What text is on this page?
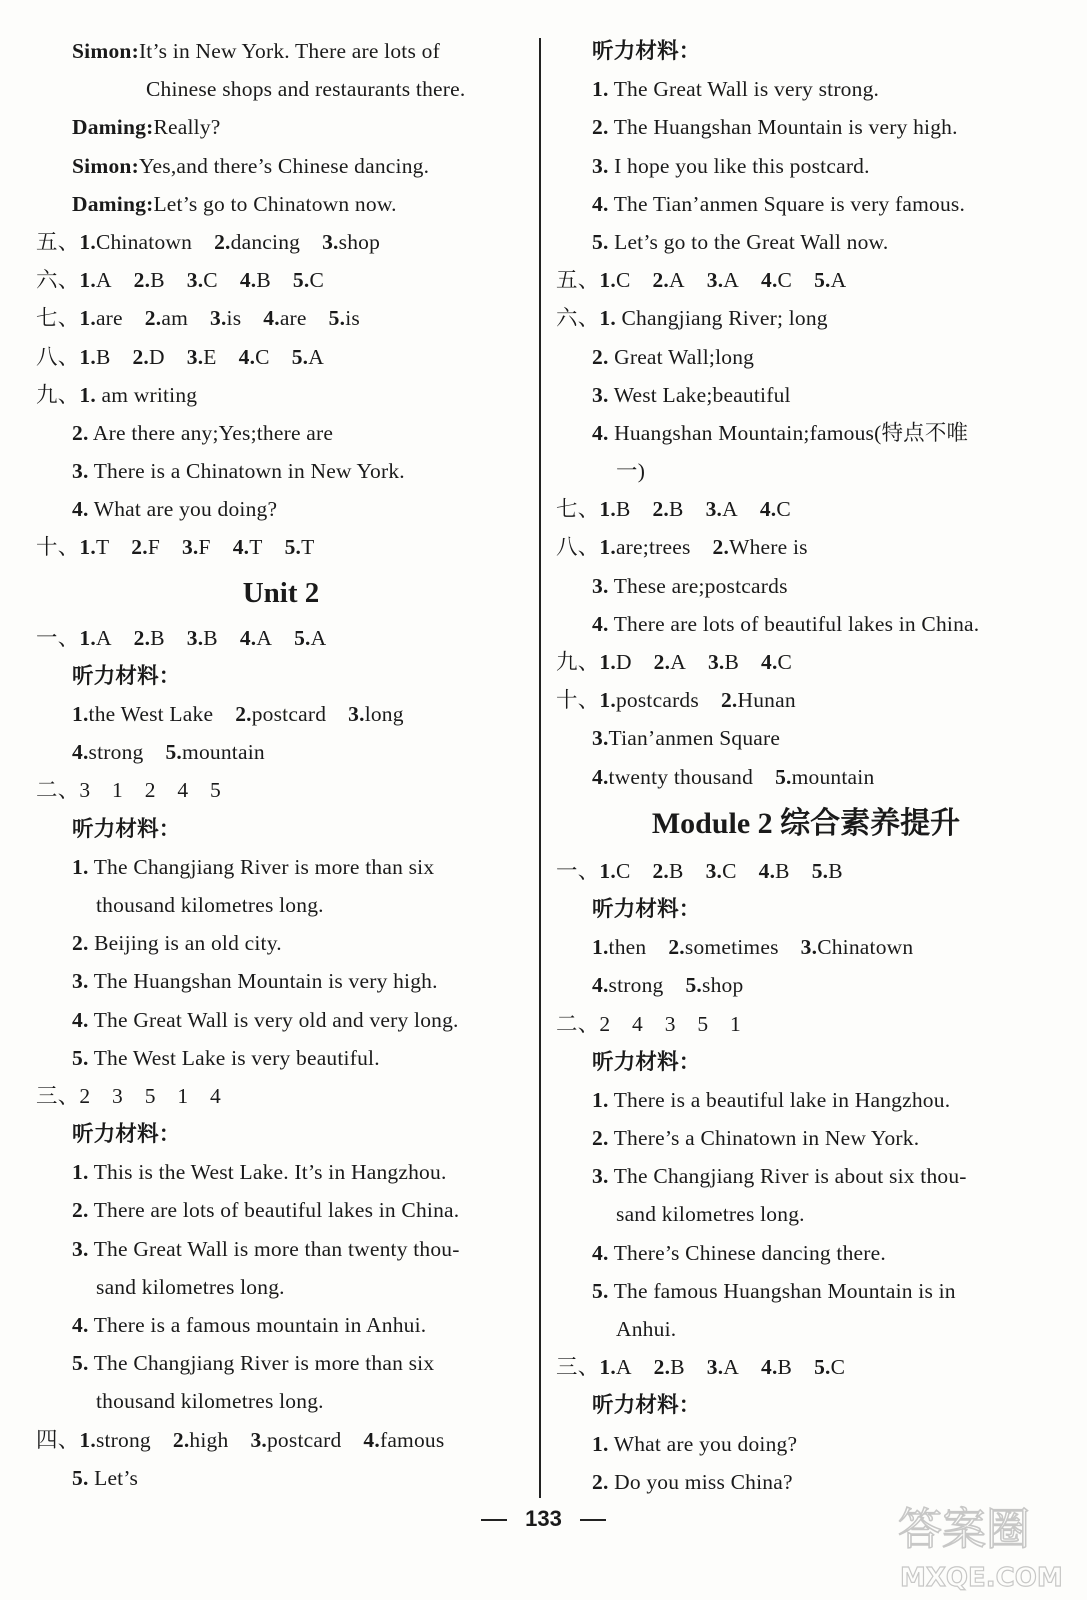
Simon:It’s in New York. There are lots of
Chinese shops and restaurants there.
Daming:Really?
Simon:Yes,and there’s Chinese dancing.
Daming:Let’s go to Chinatown now.
五、1.Chinatown 2.dancing 3.shop
六、1.A 2.B 3.C 4.B 5.C
七、1.are 2.am 3.is 4.are 5.is
八、1.B 2.D 3.E 4.C 5.A
九、1. am writing
2. Are there any;Yes;there are
3. There is a Chinatown in New York.
4. What are you doing?
十、1.T 2.F 3.F 4.T 5.T
Unit 2
一、1.A 2.B 3.B 4.A 5.A
听力材料：
1.the West Lake 2.postcard 3.long
4.strong 5.mountain
二、3　1　2　4　5
听力材料：
1. The Changjiang River is more than six
thousand kilometres long.
2. Beijing is an old city.
3. The Huangshan Mountain is very high.
4. The Great Wall is very old and very long.
5. The West Lake is very beautiful.
三、2　3　5　1　4
听力材料：
1. This is the West Lake. It’s in Hangzhou.
2. There are lots of beautiful lakes in China.
3. The Great Wall is more than twenty thou-
sand kilometres long.
4. There is a famous mountain in Anhui.
5. The Changjiang River is more than six
thousand kilometres long.
四、1.strong 2.high 3.postcard 4.famous
5. Let’s
听力材料：
1. The Great Wall is very strong.
2. The Huangshan Mountain is very high.
3. I hope you like this postcard.
4. The Tian’anmen Square is very famous.
5. Let’s go to the Great Wall now.
五、1.C 2.A 3.A 4.C 5.A
六、1. Changjiang River; long
2. Great Wall;long
3. West Lake;beautiful
4. Huangshan Mountain;famous(特点不唯
一)
七、1.B 2.B 3.A 4.C
八、1.are;trees 2.Where is
3. These are;postcards
4. There are lots of beautiful lakes in China.
九、1.D 2.A 3.B 4.C
十、1.postcards 2.Hunan
3.Tian’anmen Square
4.twenty thousand 5.mountain
Module 2 综合素养提升
一、1.C 2.B 3.C 4.B 5.B
听力材料：
1.then 2.sometimes 3.Chinatown
4.strong 5.shop
二、2　4　3　5　1
听力材料：
1. There is a beautiful lake in Hangzhou.
2. There’s a Chinatown in New York.
3. The Changjiang River is about six thou-
sand kilometres long.
4. There’s Chinese dancing there.
5. The famous Huangshan Mountain is in
Anhui.
三、1.A 2.B 3.A 4.B 5.C
听力材料：
1. What are you doing?
2. Do you miss China?
133	答案圈
MXQE.COM
